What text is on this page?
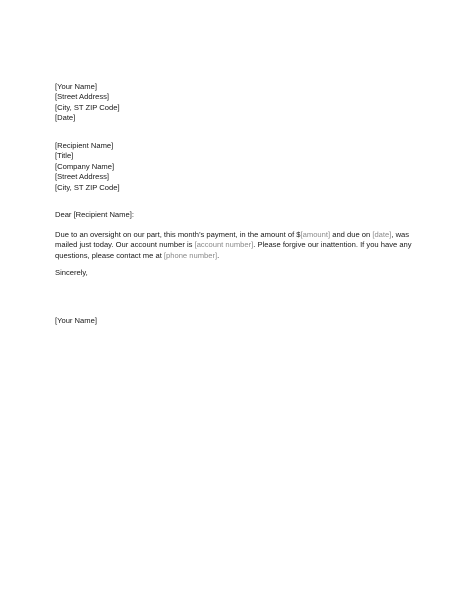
[Your Name]
[Street Address]
[City, ST ZIP Code]
[Date]
[Recipient Name]
[Title]
[Company Name]
[Street Address]
[City, ST ZIP Code]
Dear [Recipient Name]:

Due to an oversight on our part, this month’s payment, in the amount of $[amount] and due on [date], was mailed just today. Our account number is [account number]. Please forgive our inattention. If you have any questions, please contact me at [phone number].

Sincerely,
[Your Name]
